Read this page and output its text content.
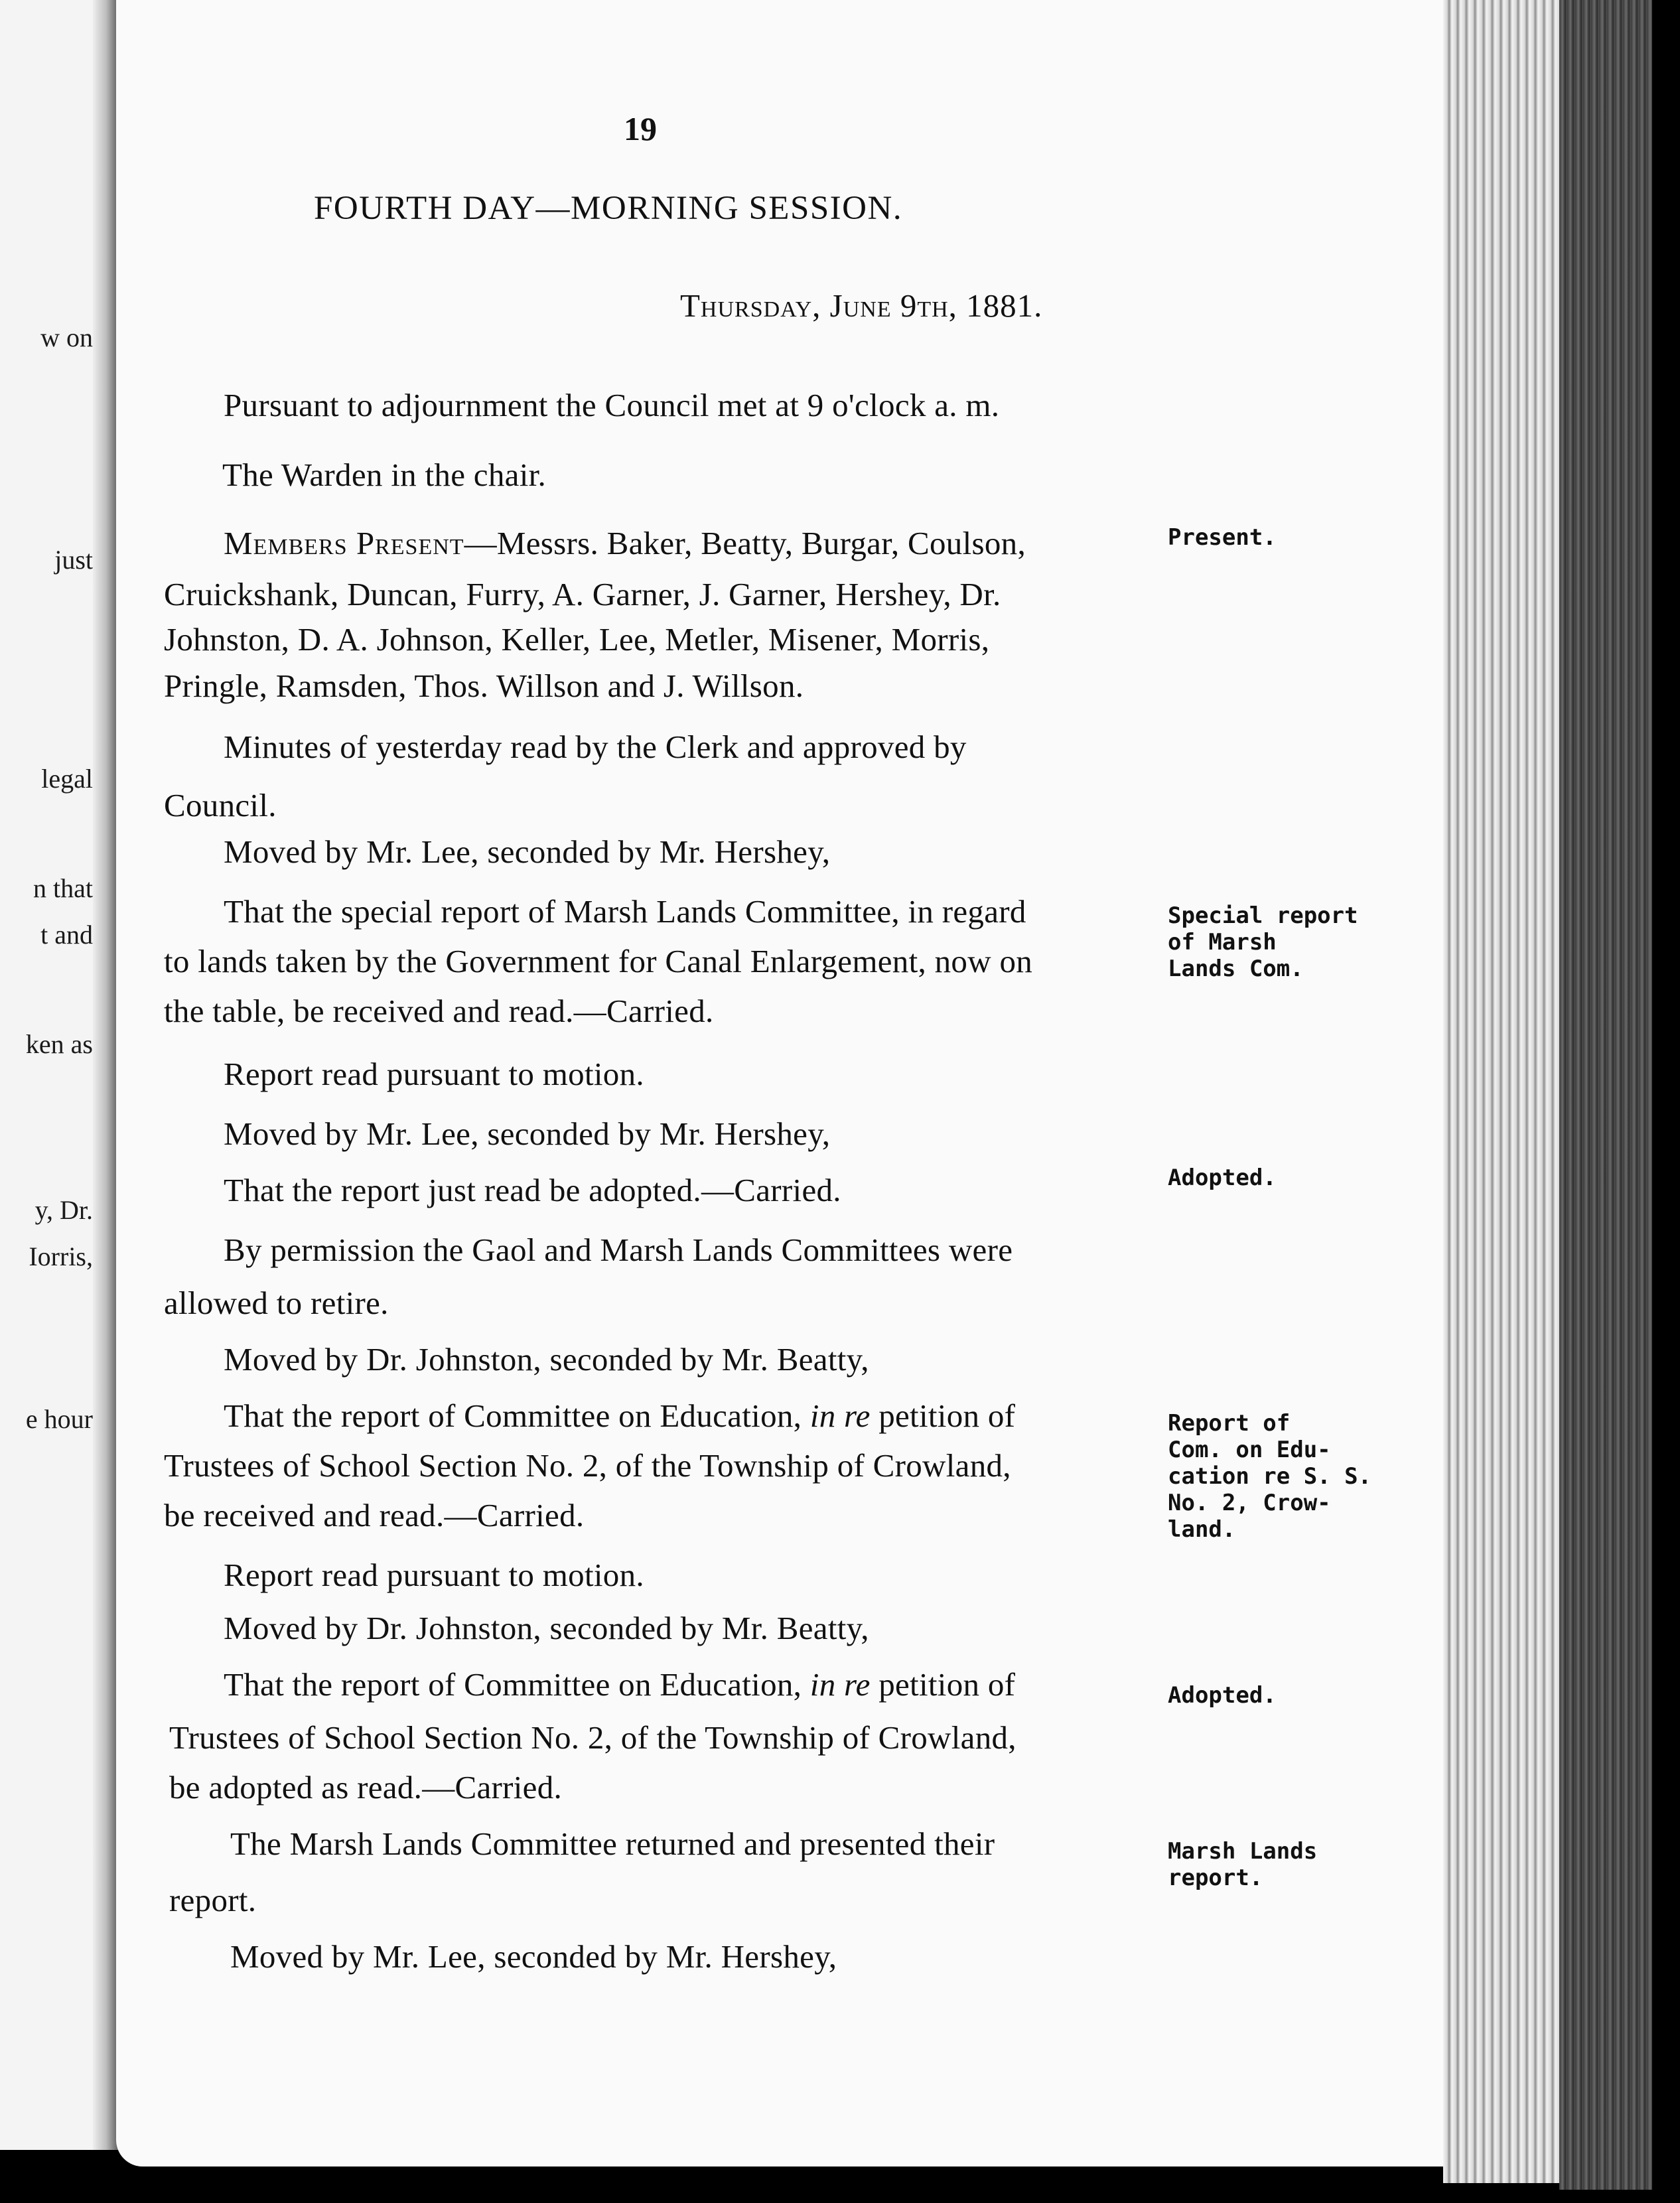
w on
just
legal
n that
t and
ken as
y, Dr.
Iorris,
e hour
19
FOURTH DAY—MORNING SESSION.
Thursday, June 9th, 1881.
Pursuant to adjournment the Council met at 9 o'clock a. m.
The Warden in the chair.
Members Present—Messrs. Baker, Beatty, Burgar, Coulson,
Cruickshank, Duncan, Furry, A. Garner, J. Garner, Hershey, Dr.
Johnston, D. A. Johnson, Keller, Lee, Metler, Misener, Morris,
Pringle, Ramsden, Thos. Willson and J. Willson.
Minutes of yesterday read by the Clerk and approved by
Council.
Moved by Mr. Lee, seconded by Mr. Hershey,
That the special report of Marsh Lands Committee, in regard
to lands taken by the Government for Canal Enlargement, now on
the table, be received and read.—Carried.
Report read pursuant to motion.
Moved by Mr. Lee, seconded by Mr. Hershey,
That the report just read be adopted.—Carried.
By permission the Gaol and Marsh Lands Committees were
allowed to retire.
Moved by Dr. Johnston, seconded by Mr. Beatty,
That the report of Committee on Education, in re petition of
Trustees of School Section No. 2, of the Township of Crowland,
be received and read.—Carried.
Report read pursuant to motion.
Moved by Dr. Johnston, seconded by Mr. Beatty,
That the report of Committee on Education, in re petition of
Trustees of School Section No. 2, of the Township of Crowland,
be adopted as read.—Carried.
The Marsh Lands Committee returned and presented their
report.
Moved by Mr. Lee, seconded by Mr. Hershey,
Present.
Special report
of Marsh
Lands Com.
Adopted.
Report of
Com. on Edu-
cation re S. S.
No. 2, Crow-
land.
Adopted.
Marsh Lands
report.
